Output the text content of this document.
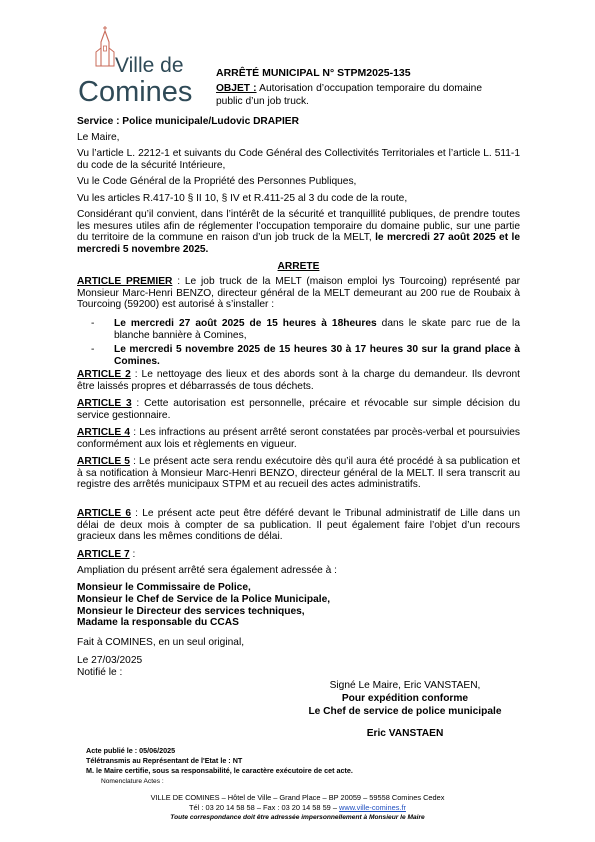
Ville de
Comines
ARRÊTÉ MUNICIPAL N° STPM2025-135

OBJET : Autorisation d’occupation temporaire du domaine public d’un job truck.

Service : Police municipale/Ludovic DRAPIER

Le Maire,

Vu l’article L. 2212-1 et suivants du Code Général des Collectivités Territoriales et l’article L. 511-1 du code de la sécurité Intérieure,

Vu le Code Général de la Propriété des Personnes Publiques,

Vu les articles R.417-10 § II 10, § IV et R.411-25 al 3 du code de la route,

Considérant qu’il convient, dans l’intérêt de la sécurité et tranquillité publiques, de prendre toutes les mesures utiles afin de réglementer l’occupation temporaire du domaine public, sur une partie du territoire de la commune en raison d’un job truck de la MELT, le mercredi 27 août 2025 et le mercredi 5 novembre 2025.

ARRETE

ARTICLE PREMIER : Le job truck de la MELT (maison emploi lys Tourcoing) représenté par Monsieur Marc-Henri BENZO, directeur général de la MELT demeurant au 200 rue de Roubaix à Tourcoing (59200) est autorisé à s’installer :

- Le mercredi 27 août 2025 de 15 heures à 18heures dans le skate parc rue de la blanche bannière à Comines,
- Le mercredi 5 novembre 2025 de 15 heures 30 à 17 heures 30 sur la grand place à Comines.

ARTICLE 2 : Le nettoyage des lieux et des abords sont à la charge du demandeur. Ils devront être laissés propres et débarrassés de tous déchets.

ARTICLE 3 : Cette autorisation est personnelle, précaire et révocable sur simple décision du service gestionnaire.

ARTICLE 4 : Les infractions au présent arrêté seront constatées par procès-verbal et poursuivies conformément aux lois et règlements en vigueur.

ARTICLE 5 : Le présent acte sera rendu exécutoire dès qu’il aura été procédé à sa publication et à sa notification à Monsieur Marc-Henri BENZO, directeur général de la MELT. Il sera transcrit au registre des arrêtés municipaux STPM et au recueil des actes administratifs.

ARTICLE 6 : Le présent acte peut être déféré devant le Tribunal administratif de Lille dans un délai de deux mois à compter de sa publication. Il peut également faire l’objet d’un recours gracieux dans les mêmes conditions de délai.

ARTICLE 7 :

Ampliation du présent arrêté sera également adressée à :

Monsieur le Commissaire de Police,
Monsieur le Chef de Service de la Police Municipale,
Monsieur le Directeur des services techniques,
Madame la responsable du CCAS

Fait à COMINES, en un seul original,

Le 27/03/2025

Notifié le :

Signé Le Maire, Eric VANSTAEN,
Pour expédition conforme
Le Chef de service de police municipale
Eric VANSTAEN
Acte publié le : 05/06/2025
Télétransmis au Représentant de l'Etat le : NT
M. le Maire certifie, sous sa responsabilité, le caractère exécutoire de cet acte.
Nomenclature Actes :
VILLE DE COMINES – Hôtel de Ville – Grand Place – BP 20059 – 59558 Comines Cedex
Tél : 03 20 14 58 58 – Fax : 03 20 14 58 59 – www.ville-comines.fr
Toute correspondance doit être adressée impersonnellement à Monsieur le Maire
